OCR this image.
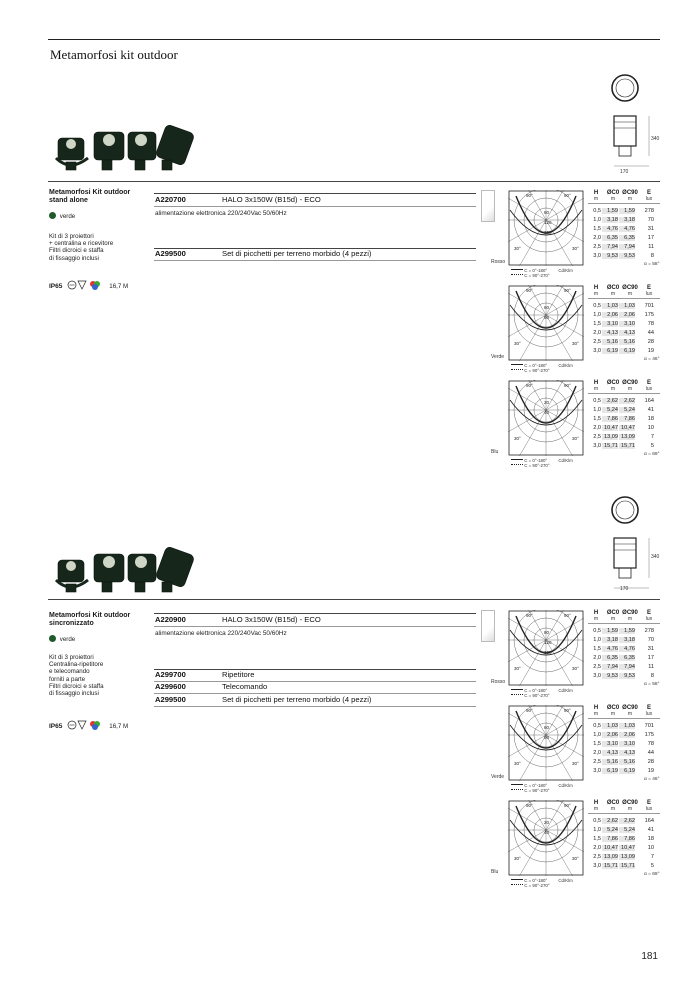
Metamorfosi kit outdoor
340
170
Metamorfosi Kit outdoor
stand alone
verde
Kit di 3 proiettori
+ centralina e ricevitore
Filtri dicroici e staffa
di fissaggio inclusi
IP65	16,7 M
A220700	HALO 3x150W (B15d) - ECO
alimentazione elettronica 220/240Vac 50/60Hz
A299500	Set di picchetti per terreno morbido (4 pezzi)
340
170
Metamorfosi Kit outdoor
sincronizzato
verde
Kit di 3 proiettori
Centralina-ripetitore
e telecomando
forniti a parte
Filtri dicroici e staffa
di fissaggio inclusi
IP65	16,7 M
A220900	HALO 3x150W (B15d) - ECO
alimentazione elettronica 220/240Vac 50/60Hz
A299700	Ripetitore
A299600	Telecomando
A299500	Set di picchetti per terreno morbido (4 pezzi)
90°	90°
30°	30°
80
120
160
Rosso
C = 0°-180°	Cd/Klm
C = 90°-270°
H
m
ØC0
m
ØC90
m
E
lux
0,5	1,59	1,59	278
1,0	3,18	3,18	70
1,5	4,76	4,76	31
2,0	6,35	6,35	17
2,5	7,94	7,94	11
3,0	9,53	9,53	8
α = 58°
90°	90°
30°	30°
60
90
Verde
C = 0°-180°	Cd/Klm
C = 90°-270°
H
m
ØC0
m
ØC90
m
E
lux
0,5	1,03	1,03	701
1,0	2,06	2,06	175
1,5	3,10	3,10	78
2,0	4,13	4,13	44
2,5	5,16	5,16	28
3,0	6,19	6,19	19
α = 46°
90°	90°
30°	30°
20
40
Blu
C = 0°-180°	Cd/Klm
C = 90°-270°
H
m
ØC0
m
ØC90
m
E
lux
0,5	2,62	2,62	164
1,0	5,24	5,24	41
1,5	7,86	7,86	18
2,0 10,47 10,47	10
2,5 13,09 13,09	7
3,0 15,71 15,71	5
α = 69°
90°	90°
30°	30°
80
120
160
Rosso
C = 0°-180°	Cd/Klm
C = 90°-270°
H
m
ØC0
m
ØC90
m
E
lux
0,5	1,59	1,59	278
1,0	3,18	3,18	70
1,5	4,76	4,76	31
2,0	6,35	6,35	17
2,5	7,94	7,94	11
3,0	9,53	9,53	8
α = 58°
90°	90°
30°	30°
60
90
Verde
C = 0°-180°	Cd/Klm
C = 90°-270°
H
m
ØC0
m
ØC90
m
E
lux
0,5	1,03	1,03	701
1,0	2,06	2,06	175
1,5	3,10	3,10	78
2,0	4,13	4,13	44
2,5	5,16	5,16	28
3,0	6,19	6,19	19
α = 46°
90°	90°
30°	30°
20
40
Blu
C = 0°-180°	Cd/Klm
C = 90°-270°
H
m
ØC0
m
ØC90
m
E
lux
0,5	2,62	2,62	164
1,0	5,24	5,24	41
1,5	7,86	7,86	18
2,0 10,47 10,47	10
2,5 13,09 13,09	7
3,0 15,71 15,71	5
α = 69°
181
